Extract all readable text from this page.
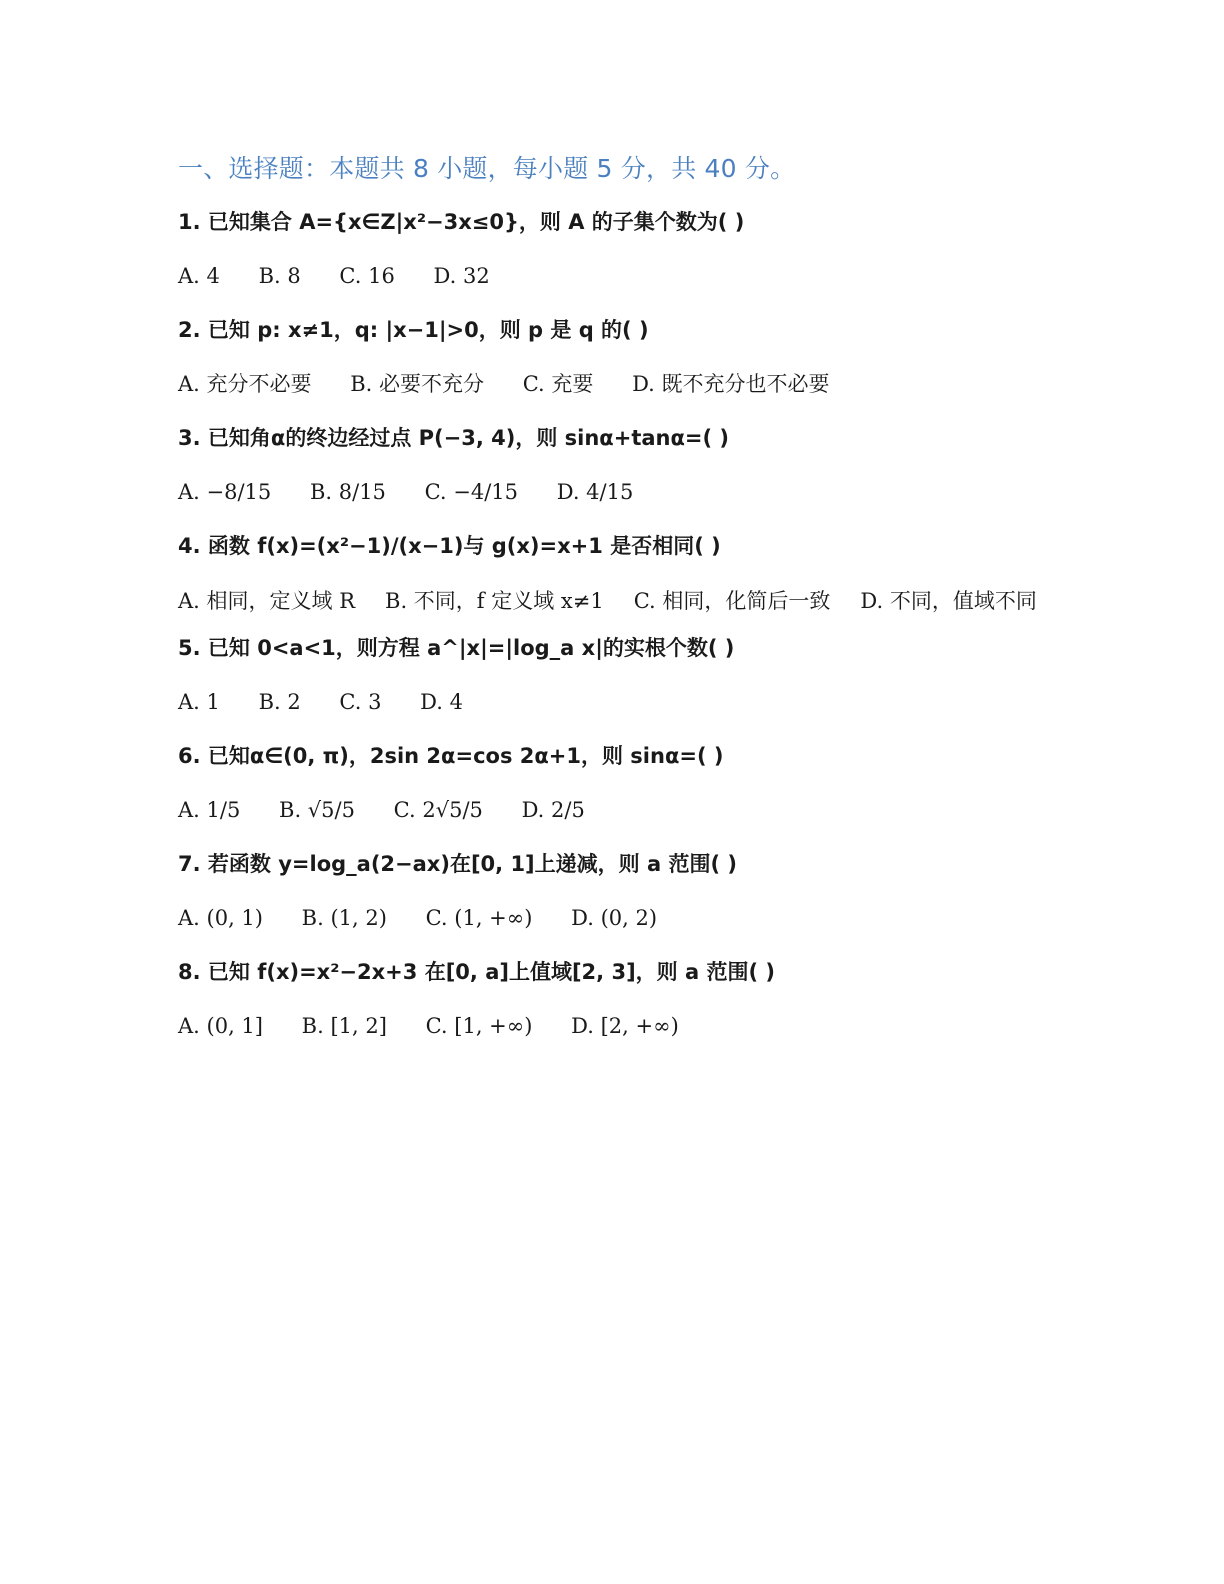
一、选择题：本题共 8 小题，每小题 5 分，共 40 分。
1. 已知集合 A={x∈Z|x²−3x≤0}，则 A 的子集个数为( )
A. 4 B. 8 C. 16 D. 32
2. 已知 p: x≠1，q: |x−1|>0，则 p 是 q 的( )
A. 充分不必要 B. 必要不充分 C. 充要 D. 既不充分也不必要
3. 已知角α的终边经过点 P(−3, 4)，则 sinα+tanα=( )
A. −8/15 B. 8/15 C. −4/15 D. 4/15
4. 函数 f(x)=(x²−1)/(x−1)与 g(x)=x+1 是否相同( )
A. 相同，定义域 R B. 不同，f 定义域 x≠1 C. 相同，化简后一致 D. 不同，值域不同
5. 已知 0<a<1，则方程 a^|x|=|log_a x|的实根个数( )
A. 1 B. 2 C. 3 D. 4
6. 已知α∈(0, π)，2sin 2α=cos 2α+1，则 sinα=( )
A. 1/5 B. √5/5 C. 2√5/5 D. 2/5
7. 若函数 y=log_a(2−ax)在[0, 1]上递减，则 a 范围( )
A. (0, 1) B. (1, 2) C. (1, +∞) D. (0, 2)
8. 已知 f(x)=x²−2x+3 在[0, a]上值域[2, 3]，则 a 范围( )
A. (0, 1] B. [1, 2] C. [1, +∞) D. [2, +∞)
